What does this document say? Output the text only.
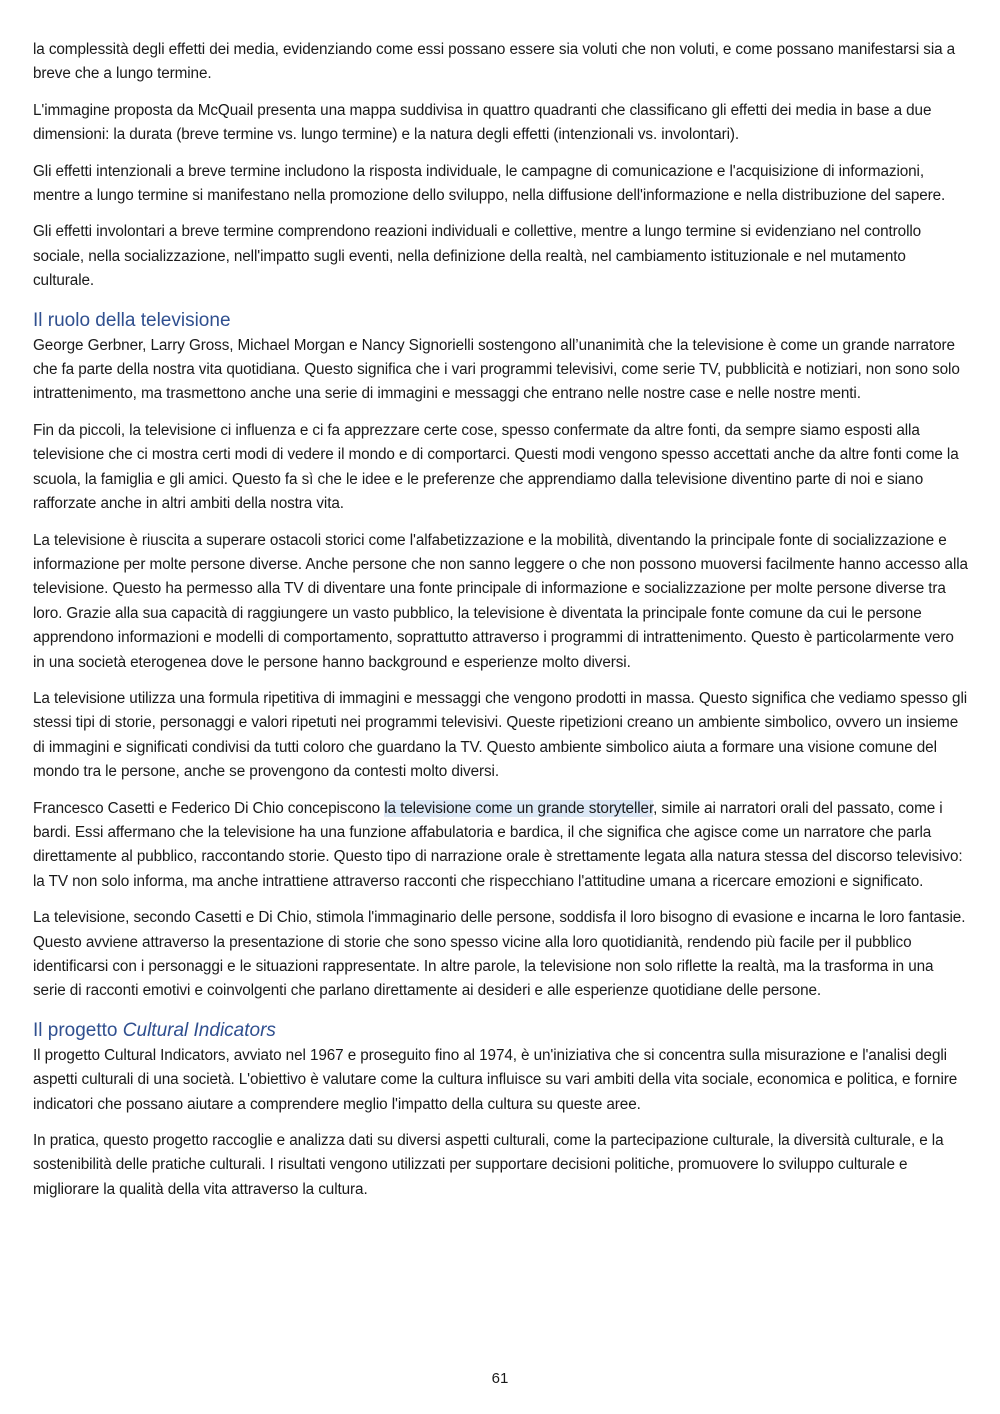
la complessità degli effetti dei media, evidenziando come essi possano essere sia voluti che non voluti, e come possano manifestarsi sia a breve che a lungo termine.

L'immagine proposta da McQuail presenta una mappa suddivisa in quattro quadranti che classificano gli effetti dei media in base a due dimensioni: la durata (breve termine vs. lungo termine) e la natura degli effetti (intenzionali vs. involontari).

Gli effetti intenzionali a breve termine includono la risposta individuale, le campagne di comunicazione e l'acquisizione di informazioni, mentre a lungo termine si manifestano nella promozione dello sviluppo, nella diffusione dell'informazione e nella distribuzione del sapere.

Gli effetti involontari a breve termine comprendono reazioni individuali e collettive, mentre a lungo termine si evidenziano nel controllo sociale, nella socializzazione, nell'impatto sugli eventi, nella definizione della realtà, nel cambiamento istituzionale e nel mutamento culturale.

Il ruolo della televisione

George Gerbner, Larry Gross, Michael Morgan e Nancy Signorielli sostengono all’unanimità che la televisione è come un grande narratore che fa parte della nostra vita quotidiana. Questo significa che i vari programmi televisivi, come serie TV, pubblicità e notiziari, non sono solo intrattenimento, ma trasmettono anche una serie di immagini e messaggi che entrano nelle nostre case e nelle nostre menti.

Fin da piccoli, la televisione ci influenza e ci fa apprezzare certe cose, spesso confermate da altre fonti, da sempre siamo esposti alla televisione che ci mostra certi modi di vedere il mondo e di comportarci. Questi modi vengono spesso accettati anche da altre fonti come la scuola, la famiglia e gli amici. Questo fa sì che le idee e le preferenze che apprendiamo dalla televisione diventino parte di noi e siano rafforzate anche in altri ambiti della nostra vita.

La televisione è riuscita a superare ostacoli storici come l'alfabetizzazione e la mobilità, diventando la principale fonte di socializzazione e informazione per molte persone diverse. Anche persone che non sanno leggere o che non possono muoversi facilmente hanno accesso alla televisione. Questo ha permesso alla TV di diventare una fonte principale di informazione e socializzazione per molte persone diverse tra loro. Grazie alla sua capacità di raggiungere un vasto pubblico, la televisione è diventata la principale fonte comune da cui le persone apprendono informazioni e modelli di comportamento, soprattutto attraverso i programmi di intrattenimento. Questo è particolarmente vero in una società eterogenea dove le persone hanno background e esperienze molto diversi.

La televisione utilizza una formula ripetitiva di immagini e messaggi che vengono prodotti in massa. Questo significa che vediamo spesso gli stessi tipi di storie, personaggi e valori ripetuti nei programmi televisivi. Queste ripetizioni creano un ambiente simbolico, ovvero un insieme di immagini e significati condivisi da tutti coloro che guardano la TV. Questo ambiente simbolico aiuta a formare una visione comune del mondo tra le persone, anche se provengono da contesti molto diversi.

Francesco Casetti e Federico Di Chio concepiscono la televisione come un grande storyteller, simile ai narratori orali del passato, come i bardi. Essi affermano che la televisione ha una funzione affabulatoria e bardica, il che significa che agisce come un narratore che parla direttamente al pubblico, raccontando storie. Questo tipo di narrazione orale è strettamente legata alla natura stessa del discorso televisivo: la TV non solo informa, ma anche intrattiene attraverso racconti che rispecchiano l'attitudine umana a ricercare emozioni e significato.

La televisione, secondo Casetti e Di Chio, stimola l'immaginario delle persone, soddisfa il loro bisogno di evasione e incarna le loro fantasie. Questo avviene attraverso la presentazione di storie che sono spesso vicine alla loro quotidianità, rendendo più facile per il pubblico identificarsi con i personaggi e le situazioni rappresentate. In altre parole, la televisione non solo riflette la realtà, ma la trasforma in una serie di racconti emotivi e coinvolgenti che parlano direttamente ai desideri e alle esperienze quotidiane delle persone.

Il progetto Cultural Indicators

Il progetto Cultural Indicators, avviato nel 1967 e proseguito fino al 1974, è un'iniziativa che si concentra sulla misurazione e l'analisi degli aspetti culturali di una società. L'obiettivo è valutare come la cultura influisce su vari ambiti della vita sociale, economica e politica, e fornire indicatori che possano aiutare a comprendere meglio l'impatto della cultura su queste aree.

In pratica, questo progetto raccoglie e analizza dati su diversi aspetti culturali, come la partecipazione culturale, la diversità culturale, e la sostenibilità delle pratiche culturali. I risultati vengono utilizzati per supportare decisioni politiche, promuovere lo sviluppo culturale e migliorare la qualità della vita attraverso la cultura.

61
